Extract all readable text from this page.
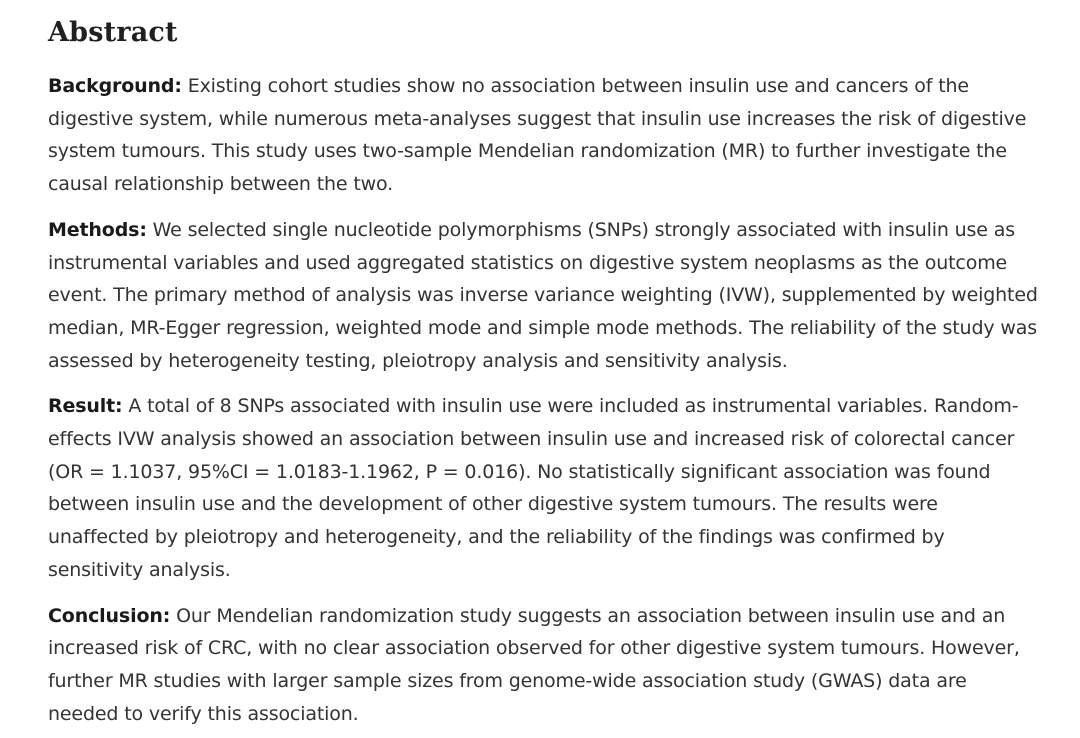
Abstract

Background: Existing cohort studies show no association between insulin use and cancers of the digestive system, while numerous meta-analyses suggest that insulin use increases the risk of digestive system tumours. This study uses two-sample Mendelian randomization (MR) to further investigate the causal relationship between the two.

Methods: We selected single nucleotide polymorphisms (SNPs) strongly associated with insulin use as instrumental variables and used aggregated statistics on digestive system neoplasms as the outcome event. The primary method of analysis was inverse variance weighting (IVW), supplemented by weighted median, MR-Egger regression, weighted mode and simple mode methods. The reliability of the study was assessed by heterogeneity testing, pleiotropy analysis and sensitivity analysis.

Result: A total of 8 SNPs associated with insulin use were included as instrumental variables. Random-effects IVW analysis showed an association between insulin use and increased risk of colorectal cancer (OR = 1.1037, 95%CI = 1.0183-1.1962, P = 0.016). No statistically significant association was found between insulin use and the development of other digestive system tumours. The results were unaffected by pleiotropy and heterogeneity, and the reliability of the findings was confirmed by sensitivity analysis.

Conclusion: Our Mendelian randomization study suggests an association between insulin use and an increased risk of CRC, with no clear association observed for other digestive system tumours. However, further MR studies with larger sample sizes from genome-wide association study (GWAS) data are needed to verify this association.
